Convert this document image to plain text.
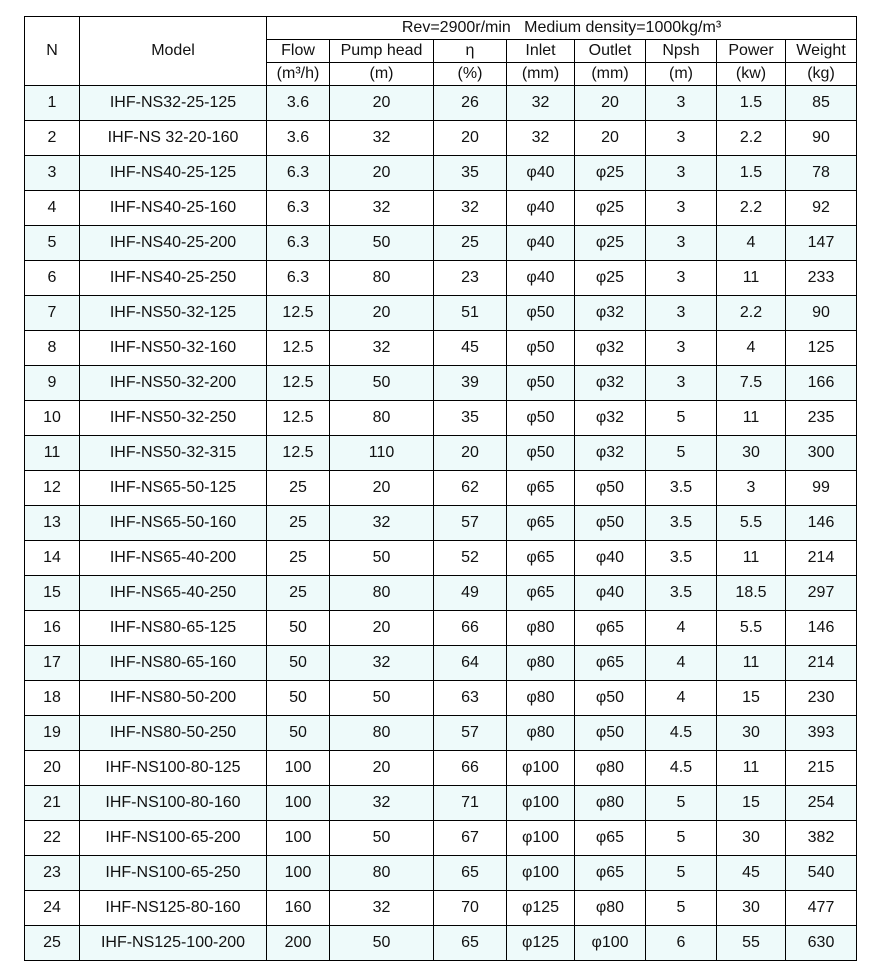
N	Model	Rev=2900r/min   Medium density=1000kg/m³							
		Flow	Pump head	η	Inlet	Outlet	Npsh	Power	Weight
		(m³/h)	(m)	(%)	(mm)	(mm)	(m)	(kw)	(kg)
1	IHF-NS32-25-125	3.6	20	26	32	20	3	1.5	85
2	IHF-NS 32-20-160	3.6	32	20	32	20	3	2.2	90
3	IHF-NS40-25-125	6.3	20	35	φ40	φ25	3	1.5	78
4	IHF-NS40-25-160	6.3	32	32	φ40	φ25	3	2.2	92
5	IHF-NS40-25-200	6.3	50	25	φ40	φ25	3	4	147
6	IHF-NS40-25-250	6.3	80	23	φ40	φ25	3	11	233
7	IHF-NS50-32-125	12.5	20	51	φ50	φ32	3	2.2	90
8	IHF-NS50-32-160	12.5	32	45	φ50	φ32	3	4	125
9	IHF-NS50-32-200	12.5	50	39	φ50	φ32	3	7.5	166
10	IHF-NS50-32-250	12.5	80	35	φ50	φ32	5	11	235
11	IHF-NS50-32-315	12.5	110	20	φ50	φ32	5	30	300
12	IHF-NS65-50-125	25	20	62	φ65	φ50	3.5	3	99
13	IHF-NS65-50-160	25	32	57	φ65	φ50	3.5	5.5	146
14	IHF-NS65-40-200	25	50	52	φ65	φ40	3.5	11	214
15	IHF-NS65-40-250	25	80	49	φ65	φ40	3.5	18.5	297
16	IHF-NS80-65-125	50	20	66	φ80	φ65	4	5.5	146
17	IHF-NS80-65-160	50	32	64	φ80	φ65	4	11	214
18	IHF-NS80-50-200	50	50	63	φ80	φ50	4	15	230
19	IHF-NS80-50-250	50	80	57	φ80	φ50	4.5	30	393
20	IHF-NS100-80-125	100	20	66	φ100	φ80	4.5	11	215
21	IHF-NS100-80-160	100	32	71	φ100	φ80	5	15	254
22	IHF-NS100-65-200	100	50	67	φ100	φ65	5	30	382
23	IHF-NS100-65-250	100	80	65	φ100	φ65	5	45	540
24	IHF-NS125-80-160	160	32	70	φ125	φ80	5	30	477
25	IHF-NS125-100-200	200	50	65	φ125	φ100	6	55	630
